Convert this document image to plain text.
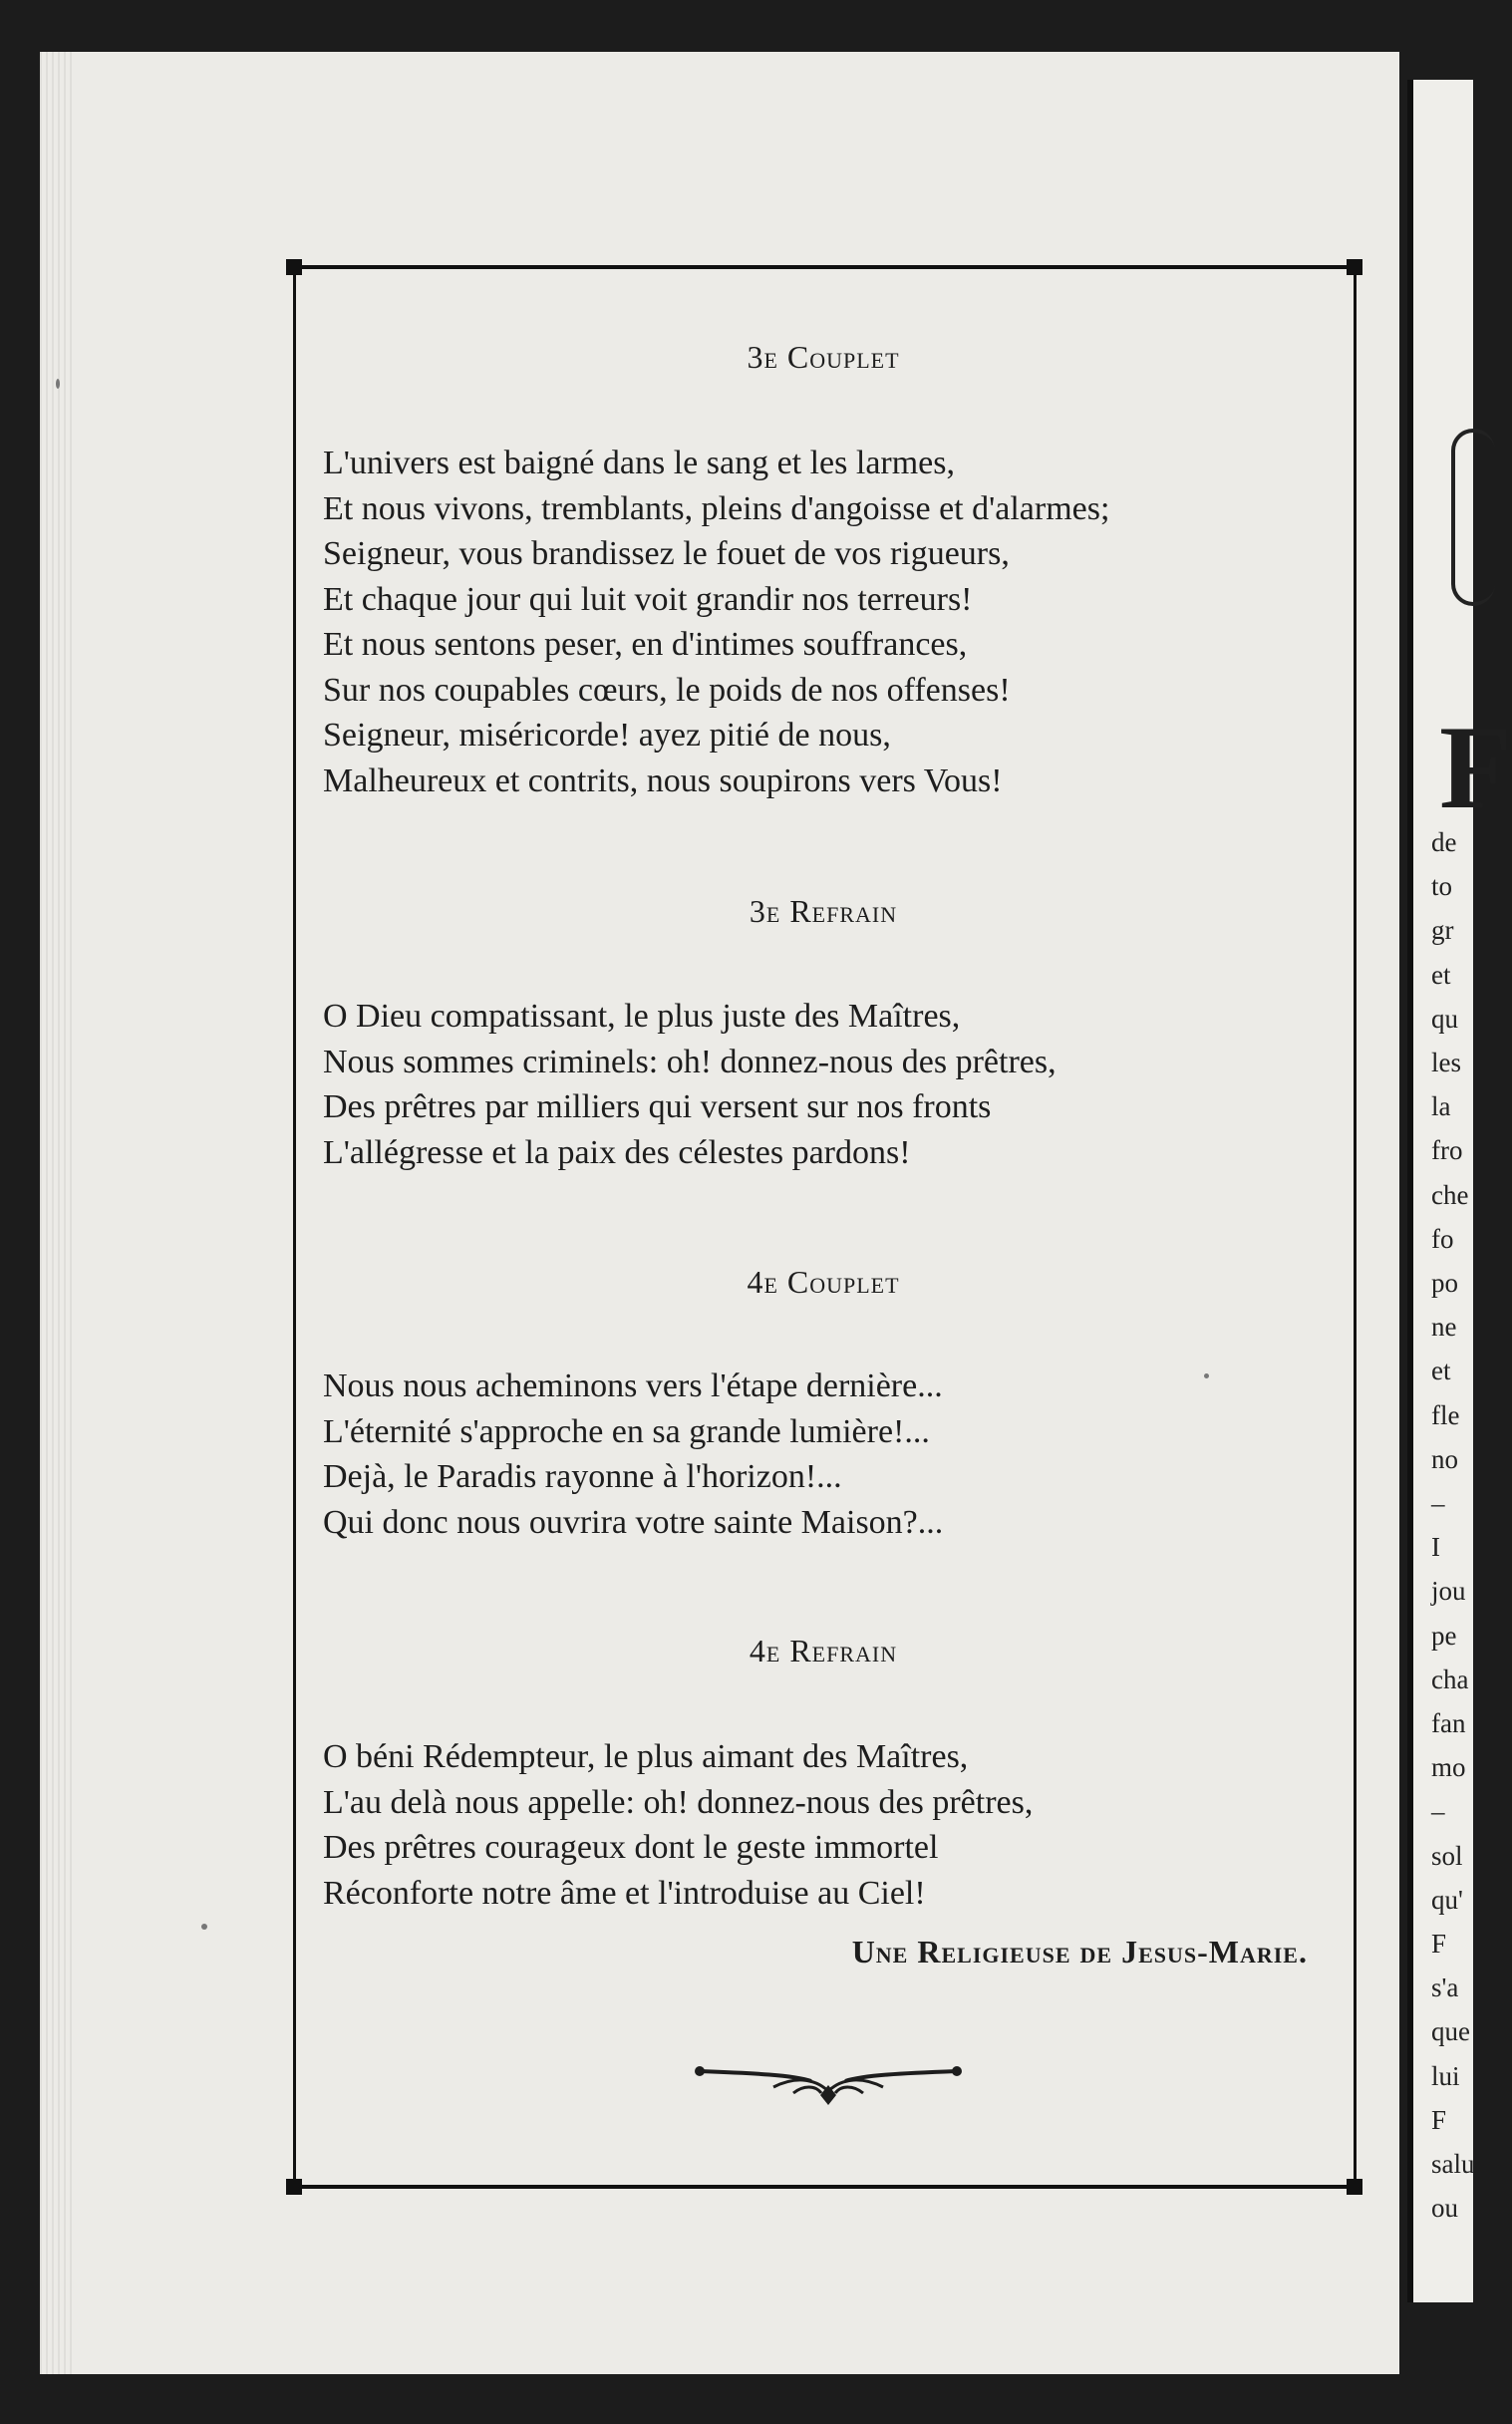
F
de
to
gr
et
qu
les
la
fro
che
fo
po
ne
et
fle
no
–
I
jou
pe
cha
fan
mo
–
sol
qu'
F
s'a
que
lui
F
salu
ou
3e Couplet
L'univers est baigné dans le sang et les larmes,
Et nous vivons, tremblants, pleins d'angoisse et d'alarmes;
Seigneur, vous brandissez le fouet de vos rigueurs,
Et chaque jour qui luit voit grandir nos terreurs!
Et nous sentons peser, en d'intimes souffrances,
Sur nos coupables cœurs, le poids de nos offenses!
Seigneur, miséricorde! ayez pitié de nous,
Malheureux et contrits, nous soupirons vers Vous!
3e Refrain
O Dieu compatissant, le plus juste des Maîtres,
Nous sommes criminels: oh! donnez-nous des prêtres,
Des prêtres par milliers qui versent sur nos fronts
L'allégresse et la paix des célestes pardons!
4e Couplet
Nous nous acheminons vers l'étape dernière...
L'éternité s'approche en sa grande lumière!...
Dejà, le Paradis rayonne à l'horizon!...
Qui donc nous ouvrira votre sainte Maison?...
4e Refrain
O béni Rédempteur, le plus aimant des Maîtres,
L'au delà nous appelle: oh! donnez-nous des prêtres,
Des prêtres courageux dont le geste immortel
Réconforte notre âme et l'introduise au Ciel!
Une Religieuse de Jesus-Marie.
